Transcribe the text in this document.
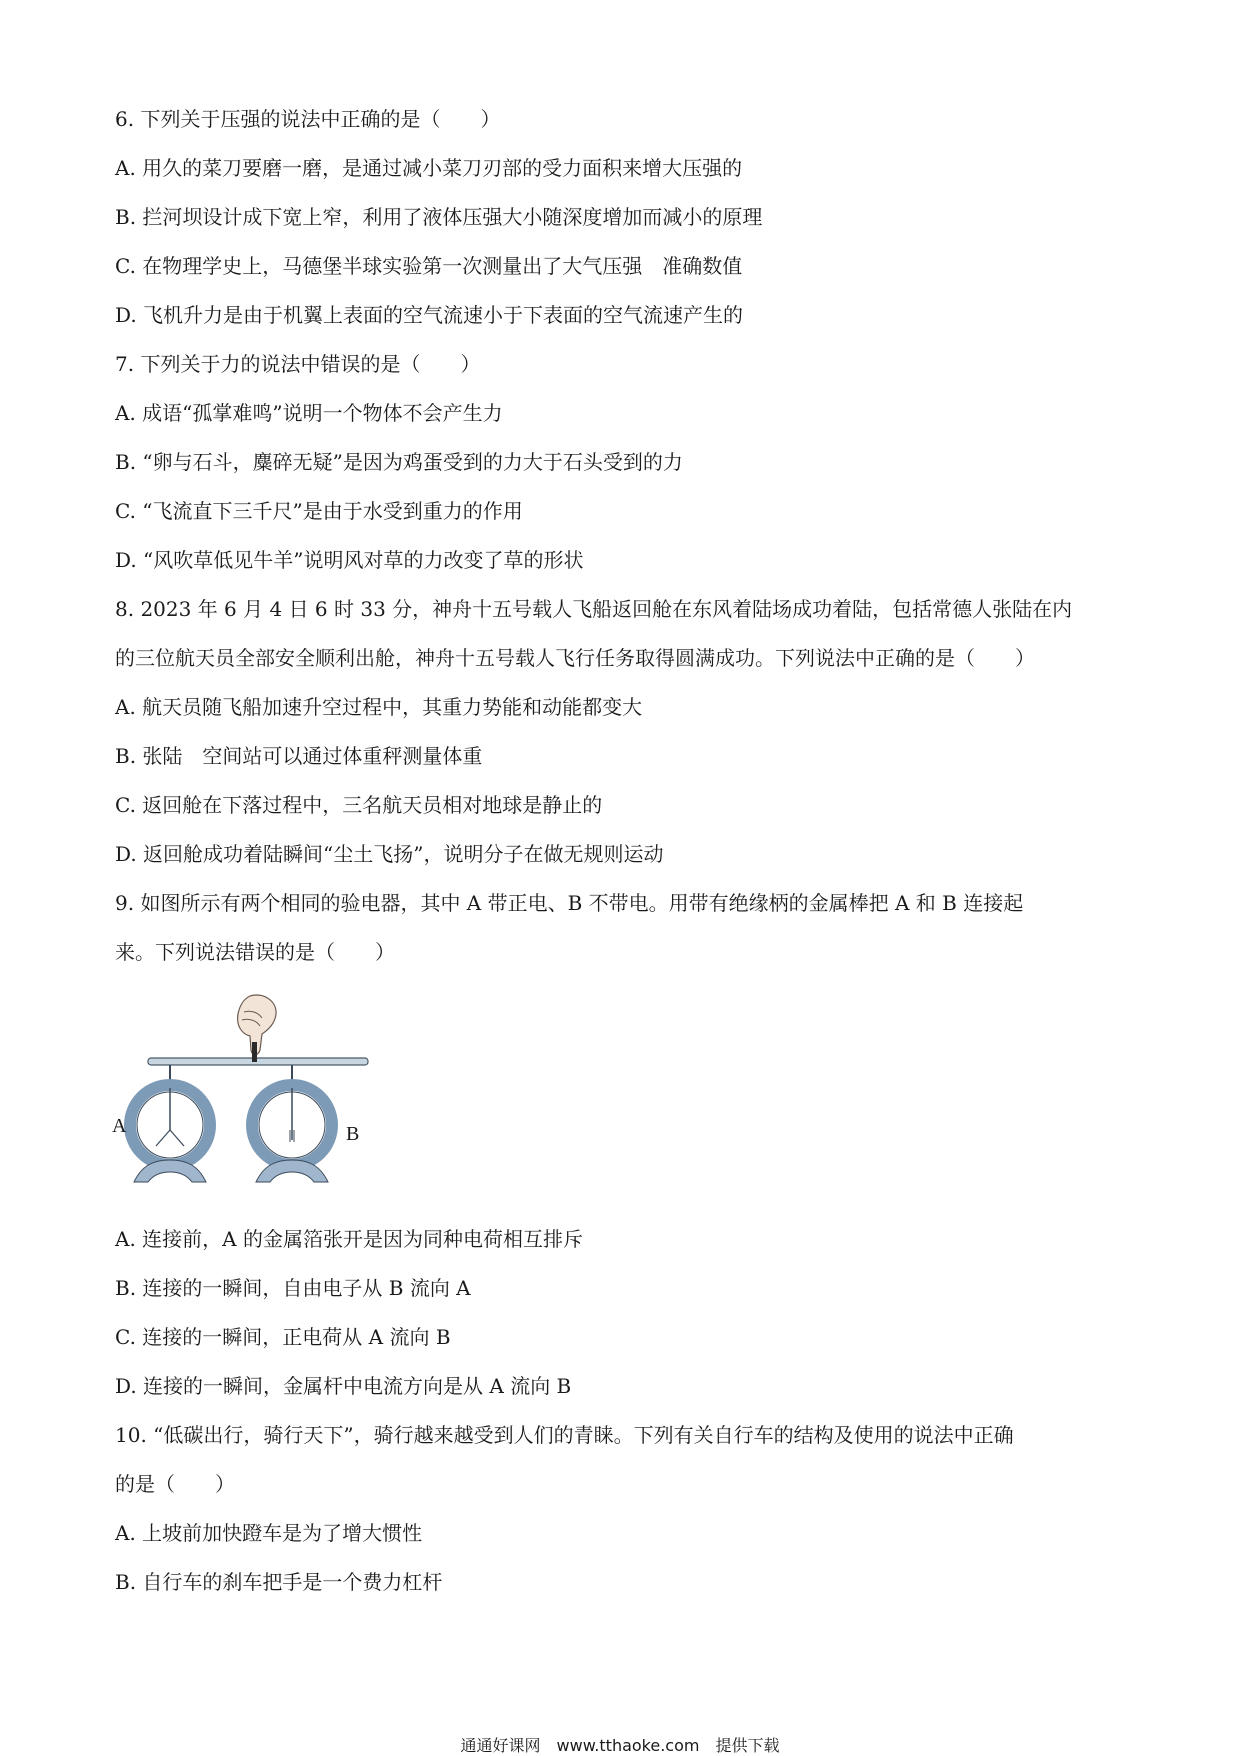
6. 下列关于压强的说法中正确的是（　　）
A. 用久的菜刀要磨一磨，是通过减小菜刀刃部的受力面积来增大压强的
B. 拦河坝设计成下宽上窄，利用了液体压强大小随深度增加而减小的原理
C. 在物理学史上，马德堡半球实验第一次测量出了大气压强　准确数值
D. 飞机升力是由于机翼上表面的空气流速小于下表面的空气流速产生的
7. 下列关于力的说法中错误的是（　　）
A. 成语“孤掌难鸣”说明一个物体不会产生力
B. “卵与石斗，麋碎无疑”是因为鸡蛋受到的力大于石头受到的力
C. “飞流直下三千尺”是由于水受到重力的作用
D. “风吹草低见牛羊”说明风对草的力改变了草的形状
8. 2023 年 6 月 4 日 6 时 33 分，神舟十五号载人飞船返回舱在东风着陆场成功着陆，包括常德人张陆在内
的三位航天员全部安全顺利出舱，神舟十五号载人飞行任务取得圆满成功。下列说法中正确的是（　　）
A. 航天员随飞船加速升空过程中，其重力势能和动能都变大
B. 张陆　空间站可以通过体重秤测量体重
C. 返回舱在下落过程中，三名航天员相对地球是静止的
D. 返回舱成功着陆瞬间“尘土飞扬”，说明分子在做无规则运动
9. 如图所示有两个相同的验电器，其中 A 带正电、B 不带电。用带有绝缘柄的金属棒把 A 和 B 连接起
来。下列说法错误的是（　　）
A	B
A. 连接前，A 的金属箔张开是因为同种电荷相互排斥
B. 连接的一瞬间，自由电子从 B 流向 A
C. 连接的一瞬间，正电荷从 A 流向 B
D. 连接的一瞬间，金属杆中电流方向是从 A 流向 B
10. “低碳出行，骑行天下”，骑行越来越受到人们的青睐。下列有关自行车的结构及使用的说法中正确
的是（　　）
A. 上坡前加快蹬车是为了增大惯性
B. 自行车的刹车把手是一个费力杠杆
通通好课网　www.tthaoke.com　提供下载
